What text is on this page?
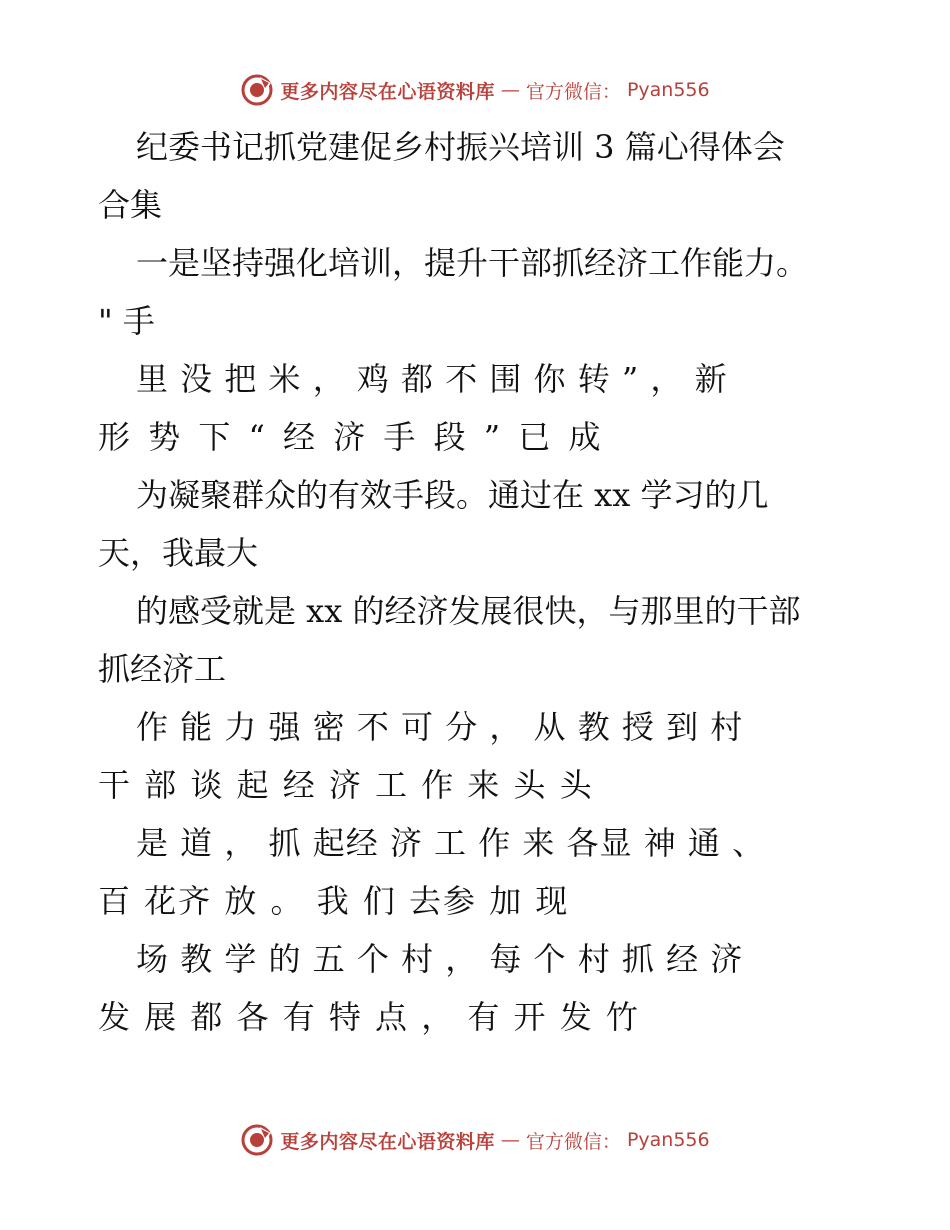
更多内容尽在心语资料库 — 官方微信： Pyan556
纪委书记抓党建促乡村振兴培训 3 篇心得体会
合集
一是坚持强化培训，提升干部抓经济工作能力。
" 手
里 没 把 米 ， 鸡 都 不 围 你 转 ” ， 新
形 势 下 “ 经 济 手 段 ” 已 成
为凝聚群众的有效手段。通过在 xx 学习的几
天，我最大
的感受就是 xx 的经济发展很快，与那里的干部
抓经济工
作 能 力 强 密 不 可 分 ， 从 教 授 到 村
干 部 谈 起 经 济 工 作 来 头 头
是 道 ， 抓 起经 济 工 作 来 各显 神 通 、
百 花齐 放 。 我 们 去参 加 现
场 教 学 的 五 个 村 ， 每 个 村 抓 经 济
发 展 都 各 有 特 点 ， 有 开 发 竹
更多内容尽在心语资料库 — 官方微信： Pyan556
